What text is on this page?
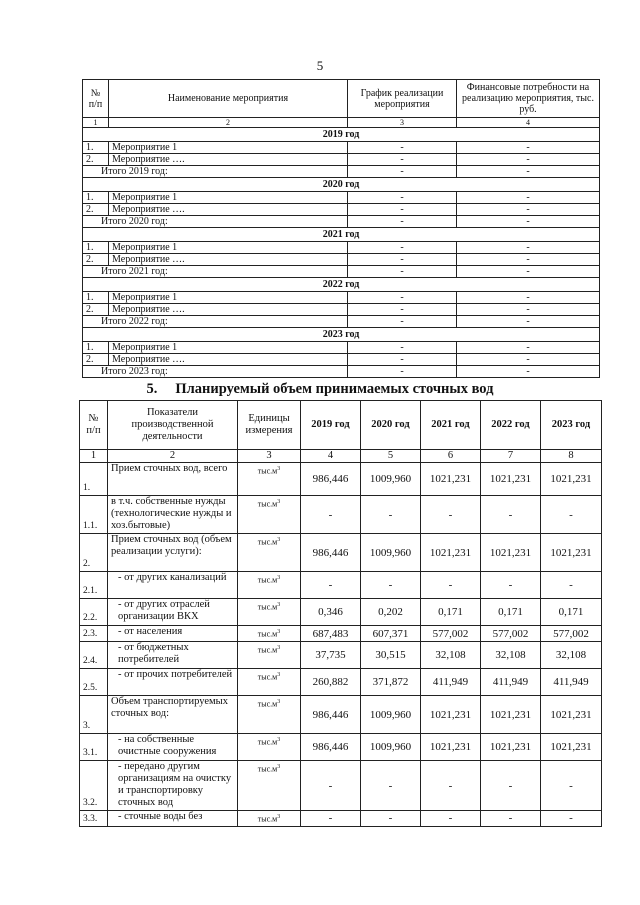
5
№ п/п	Наименование мероприятия	График реализации мероприятия	Финансовые потребности на реализацию мероприятия, тыс. руб.
1	2	3	4
2019 год			
1.	Мероприятие 1	-	-
2.	Мероприятие ….	-	-
Итого 2019 год:		-	-
2020 год			
1.	Мероприятие 1	-	-
2.	Мероприятие ….	-	-
Итого 2020 год:		-	-
2021 год			
1.	Мероприятие 1	-	-
2.	Мероприятие ….	-	-
Итого 2021 год:		-	-
2022 год			
1.	Мероприятие 1	-	-
2.	Мероприятие ….	-	-
Итого 2022 год:		-	-
2023 год			
1.	Мероприятие 1	-	-
2.	Мероприятие ….	-	-
Итого 2023 год:		-	-
5. Планируемый объем принимаемых сточных вод
№ п/п	Показатели производственной деятельности	Единицы измерения	2019 год	2020 год	2021 год	2022 год	2023 год
1	2	3	4	5	6	7	8
1.	Прием сточных вод, всего	$тыс.м^3$	986,446	1009,960	1021,231	1021,231	1021,231
1.1.	в т.ч. собственные нужды (технологические нужды и хоз.бытовые)	$тыс.м^3$	-	-	-	-	-
2.	Прием сточных вод (объем реализации услуги):	$тыс.м^3$	986,446	1009,960	1021,231	1021,231	1021,231
2.1.	- от других канализаций	$тыс.м^3$	-	-	-	-	-
2.2.	- от других отраслей организации ВКХ	$тыс.м^3$	0,346	0,202	0,171	0,171	0,171
2.3.	- от населения	$тыс.м^3$	687,483	607,371	577,002	577,002	577,002
2.4.	- от бюджетных потребителей	$тыс.м^3$	37,735	30,515	32,108	32,108	32,108
2.5.	- от прочих потребителей	$тыс.м^3$	260,882	371,872	411,949	411,949	411,949
3.	Объем транспортируемых сточных вод:	$тыс.м^3$	986,446	1009,960	1021,231	1021,231	1021,231
3.1.	- на собственные очистные сооружения	$тыс.м^3$	986,446	1009,960	1021,231	1021,231	1021,231
3.2.	- передано другим организациям на очистку и транспортировку сточных вод	$тыс.м^3$	-	-	-	-	-
3.3.	- сточные воды без	$тыс.м^3$	-	-	-	-	-
